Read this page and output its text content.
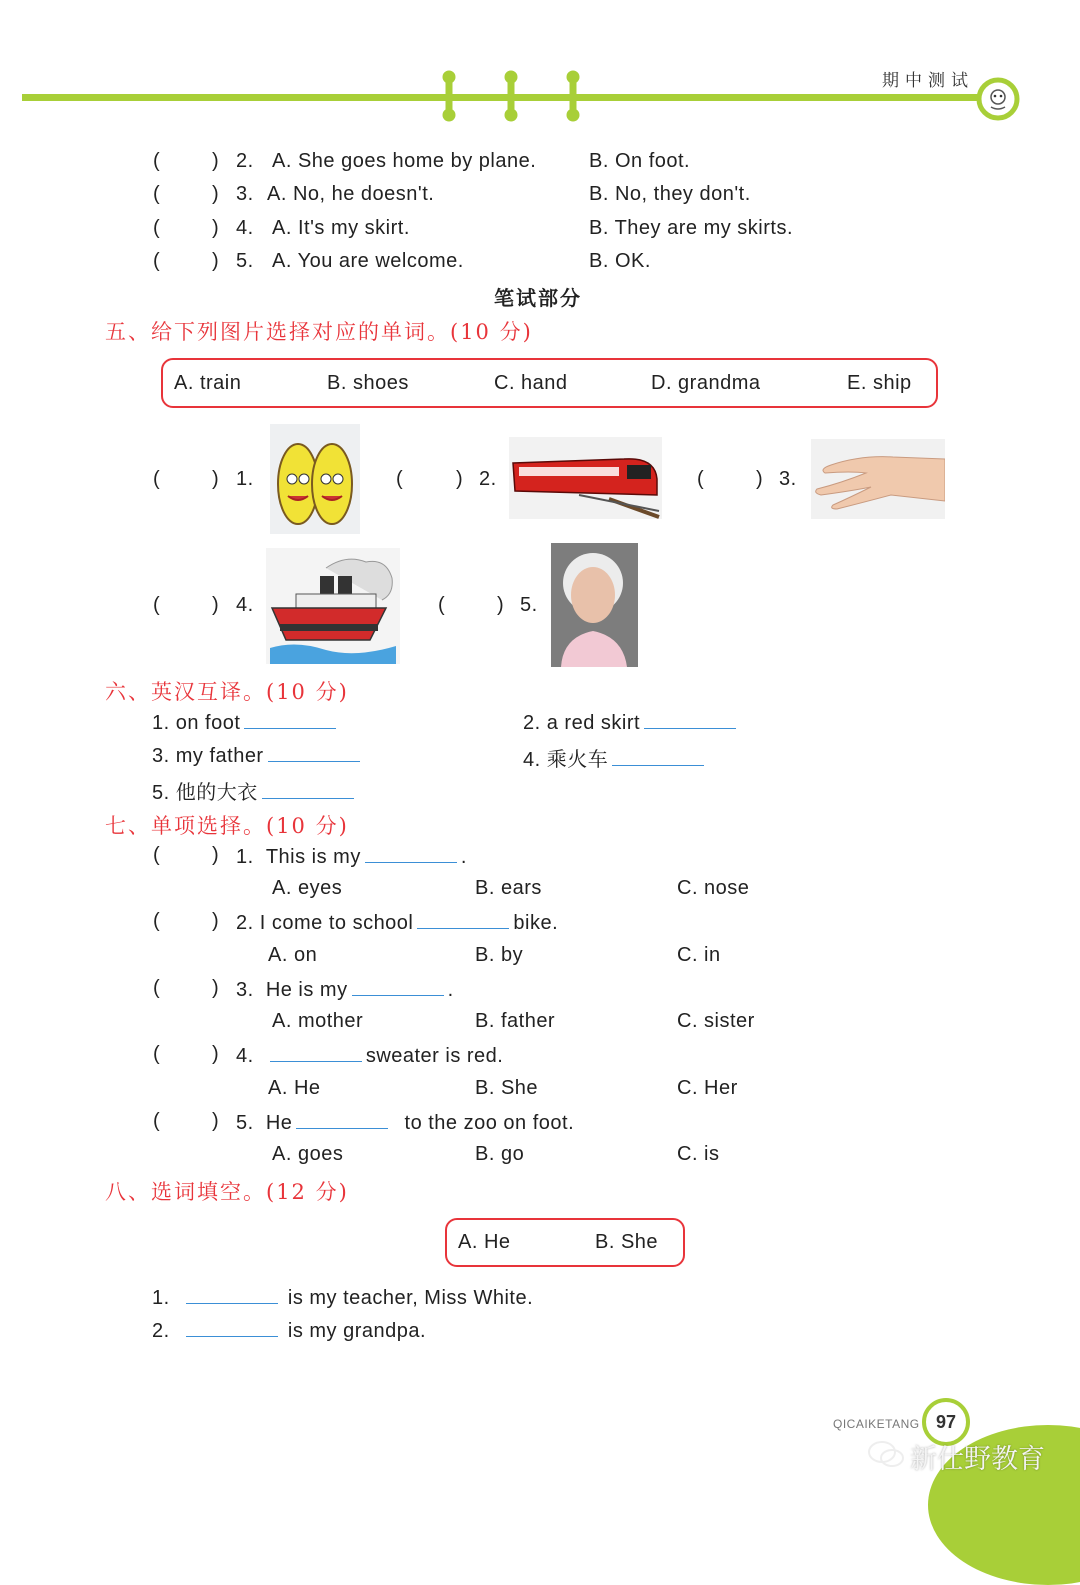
期中测试
(	) 2. A. She goes home by plane.	B. On foot.
(	) 3. A. No, he doesn't.	B. No, they don't.
(	) 4. A. It's my skirt.	B. They are my skirts.
(	) 5. A. You are welcome.	B. OK.
笔试部分
五、给下列图片选择对应的单词。(10 分)
A. train	B. shoes	C. hand	D. grandma	E. ship
(	) 1.	(	) 2.	(	) 3.
(	) 4.	(	) 5.
六、英汉互译。(10 分)
1. on foot	2. a red skirt
3. my father	4. 乘火车
5. 他的大衣
七、单项选择。(10 分)
(	) 1. This is my	.
A. eyes	B. ears	C. nose
(	) 2. I come to school	bike.
A. on	B. by	C. in
(	) 3. He is my	.
A. mother	B. father	C. sister
(	) 4.	sweater is red.
A. He	B. She	C. Her
(	) 5. He	to the zoo on foot.
A. goes	B. go	C. is
八、选词填空。(12 分)
A. He	B. She
1.	is my teacher, Miss White.
2.	is my grandpa.
QICAIKETANG 97
新仕野教育
